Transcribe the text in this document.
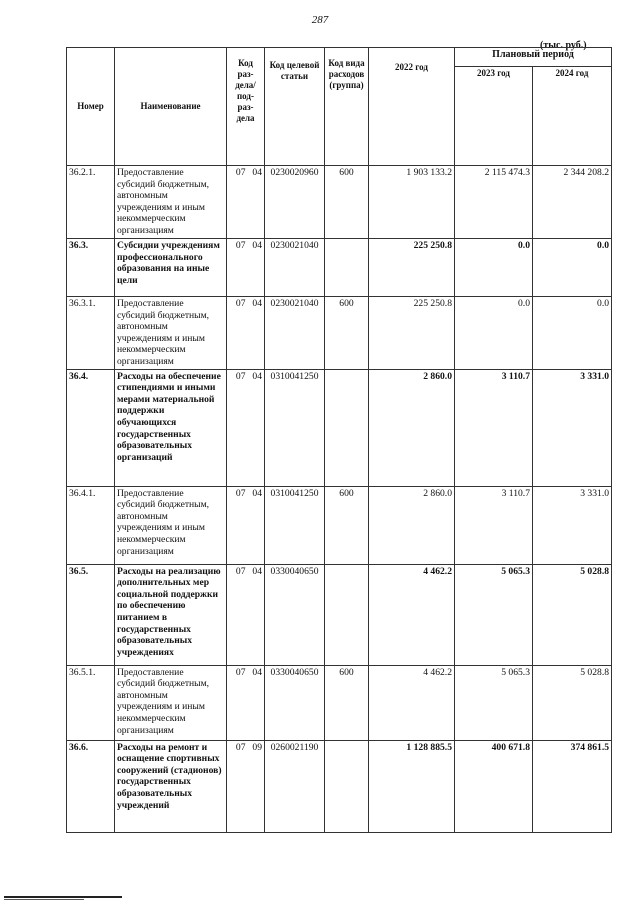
287
(тыс. руб.)
Номер	Наименование	Код раз-дела/ под-раз-дела	Код целевой статьи	Код вида расходов (группа)	2022 год	Плановый период	
						2023 год	2024 год
36.2.1.	Предоставление субсидий бюджетным, автономным учреждениям и иным некоммерческим организациям	07 04	0230020960	600	1 903 133.2	2 115 474.3	2 344 208.2
36.3.	Субсидии учреждениям профессионального образования на иные цели	07 04	0230021040		225 250.8	0.0	0.0
36.3.1.	Предоставление субсидий бюджетным, автономным учреждениям и иным некоммерческим организациям	07 04	0230021040	600	225 250.8	0.0	0.0
36.4.	Расходы на обеспечение стипендиями и иными мерами материальной поддержки обучающихся государственных образовательных организаций	07 04	0310041250		2 860.0	3 110.7	3 331.0
36.4.1.	Предоставление субсидий бюджетным, автономным учреждениям и иным некоммерческим организациям	07 04	0310041250	600	2 860.0	3 110.7	3 331.0
36.5.	Расходы на реализацию дополнительных мер социальной поддержки по обеспечению питанием в государственных образовательных учреждениях	07 04	0330040650		4 462.2	5 065.3	5 028.8
36.5.1.	Предоставление субсидий бюджетным, автономным учреждениям и иным некоммерческим организациям	07 04	0330040650	600	4 462.2	5 065.3	5 028.8
36.6.	Расходы на ремонт и оснащение спортивных сооружений (стадионов) государственных образовательных учреждений	07 09	0260021190		1 128 885.5	400 671.8	374 861.5
